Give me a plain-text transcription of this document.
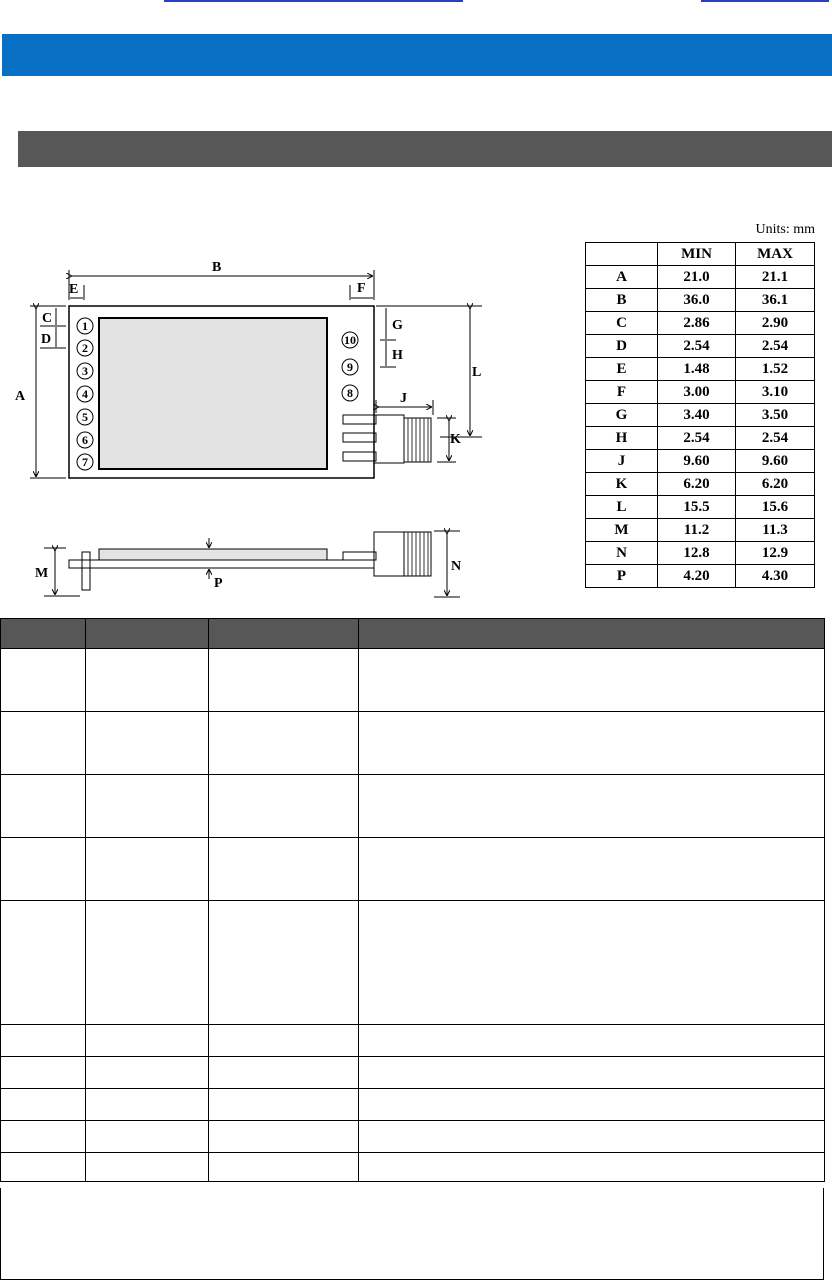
B
E	F
A
C
D
G
H
L
J
K
M	N
P
1
2
3
4
5
6
7
10
9
8
Units: mm
	MIN	MAX
A	21.0	21.1
B	36.0	36.1
C	2.86	2.90
D	2.54	2.54
E	1.48	1.52
F	3.00	3.10
G	3.40	3.50
H	2.54	2.54
J	9.60	9.60
K	6.20	6.20
L	15.5	15.6
M	11.2	11.3
N	12.8	12.9
P	4.20	4.30
